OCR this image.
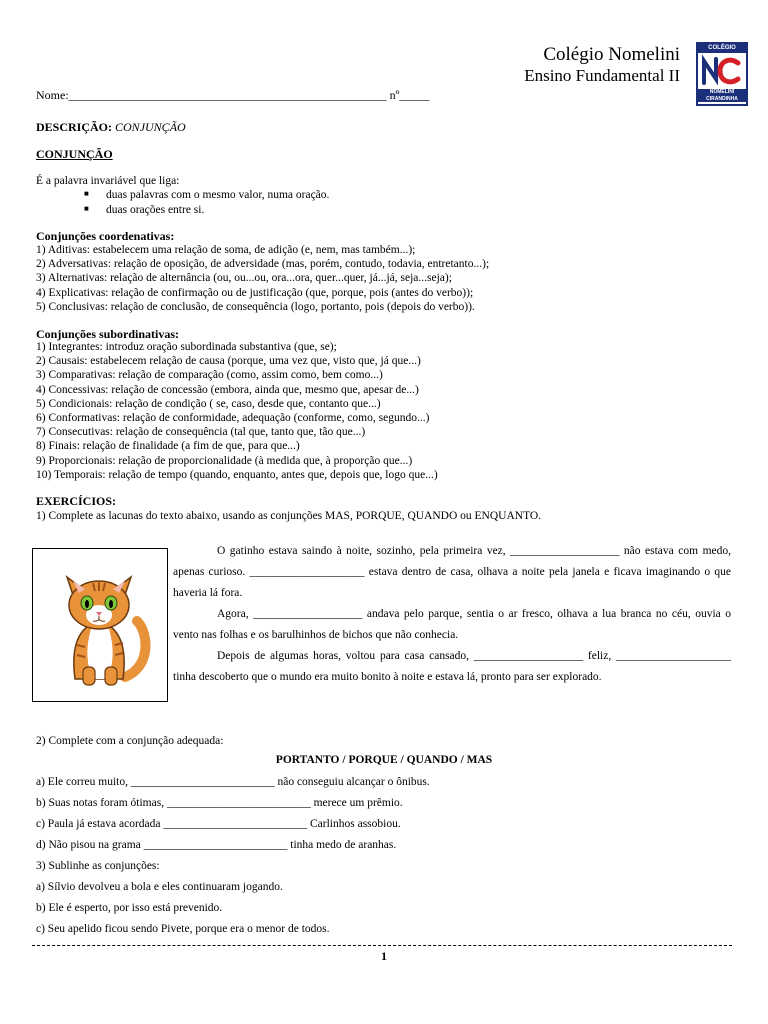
Colégio Nomelini
Ensino Fundamental II
COLÉGIO
NOMELINI
CIRANDINHA
Nome:_____________________________________________________ nº_____
DESCRIÇÃO: CONJUNÇÃO
CONJUNÇÃO
É a palavra invariável que liga:
■ duas palavras com o mesmo valor, numa oração.
■ duas orações entre si.
Conjunções coordenativas:
1) Aditivas: estabelecem uma relação de soma, de adição (e, nem, mas também...);
2) Adversativas: relação de oposição, de adversidade (mas, porém, contudo, todavia, entretanto...);
3) Alternativas: relação de alternância (ou, ou...ou, ora...ora, quer...quer, já...já, seja...seja);
4) Explicativas: relação de confirmação ou de justificação (que, porque, pois (antes do verbo));
5) Conclusivas: relação de conclusão, de consequência (logo, portanto, pois (depois do verbo)).
Conjunções subordinativas:
1) Integrantes: introduz oração subordinada substantiva (que, se);
2) Causais: estabelecem relação de causa (porque, uma vez que, visto que, já que...)
3) Comparativas: relação de comparação (como, assim como, bem como...)
4) Concessivas: relação de concessão (embora, ainda que, mesmo que, apesar de...)
5) Condicionais: relação de condição ( se, caso, desde que, contanto que...)
6) Conformativas: relação de conformidade, adequação (conforme, como, segundo...)
7) Consecutivas: relação de consequência (tal que, tanto que, tão que...)
8) Finais: relação de finalidade (a fim de que, para que...)
9) Proporcionais: relação de proporcionalidade (à medida que, à proporção que...)
10) Temporais: relação de tempo (quando, enquanto, antes que, depois que, logo que...)
EXERCÍCIOS:
1) Complete as lacunas do texto abaixo, usando as conjunções MAS, PORQUE, QUANDO ou ENQUANTO.
O gatinho estava saindo à noite, sozinho, pela primeira vez, ___________________ não estava com medo, apenas curioso. ____________________ estava dentro de casa, olhava a noite pela janela e ficava imaginando o que haveria lá fora.
Agora, ___________________ andava pelo parque, sentia o ar fresco, olhava a lua branca no céu, ouvia o vento nas folhas e os barulhinhos de bichos que não conhecia.
Depois de algumas horas, voltou para casa cansado, ___________________ feliz, ____________________ tinha descoberto que o mundo era muito bonito à noite e estava lá, pronto para ser explorado.
2) Complete com a conjunção adequada:
PORTANTO / PORQUE / QUANDO / MAS
a) Ele correu muito, _________________________ não conseguiu alcançar o ônibus.
b) Suas notas foram ótimas, _________________________ merece um prêmio.
c) Paula já estava acordada _________________________ Carlinhos assobiou.
d) Não pisou na grama _________________________ tinha medo de aranhas.
3) Sublinhe as conjunções:
a) Sílvio devolveu a bola e eles continuaram jogando.
b) Ele é esperto, por isso está prevenido.
c) Seu apelido ficou sendo Pivete, porque era o menor de todos.
1
